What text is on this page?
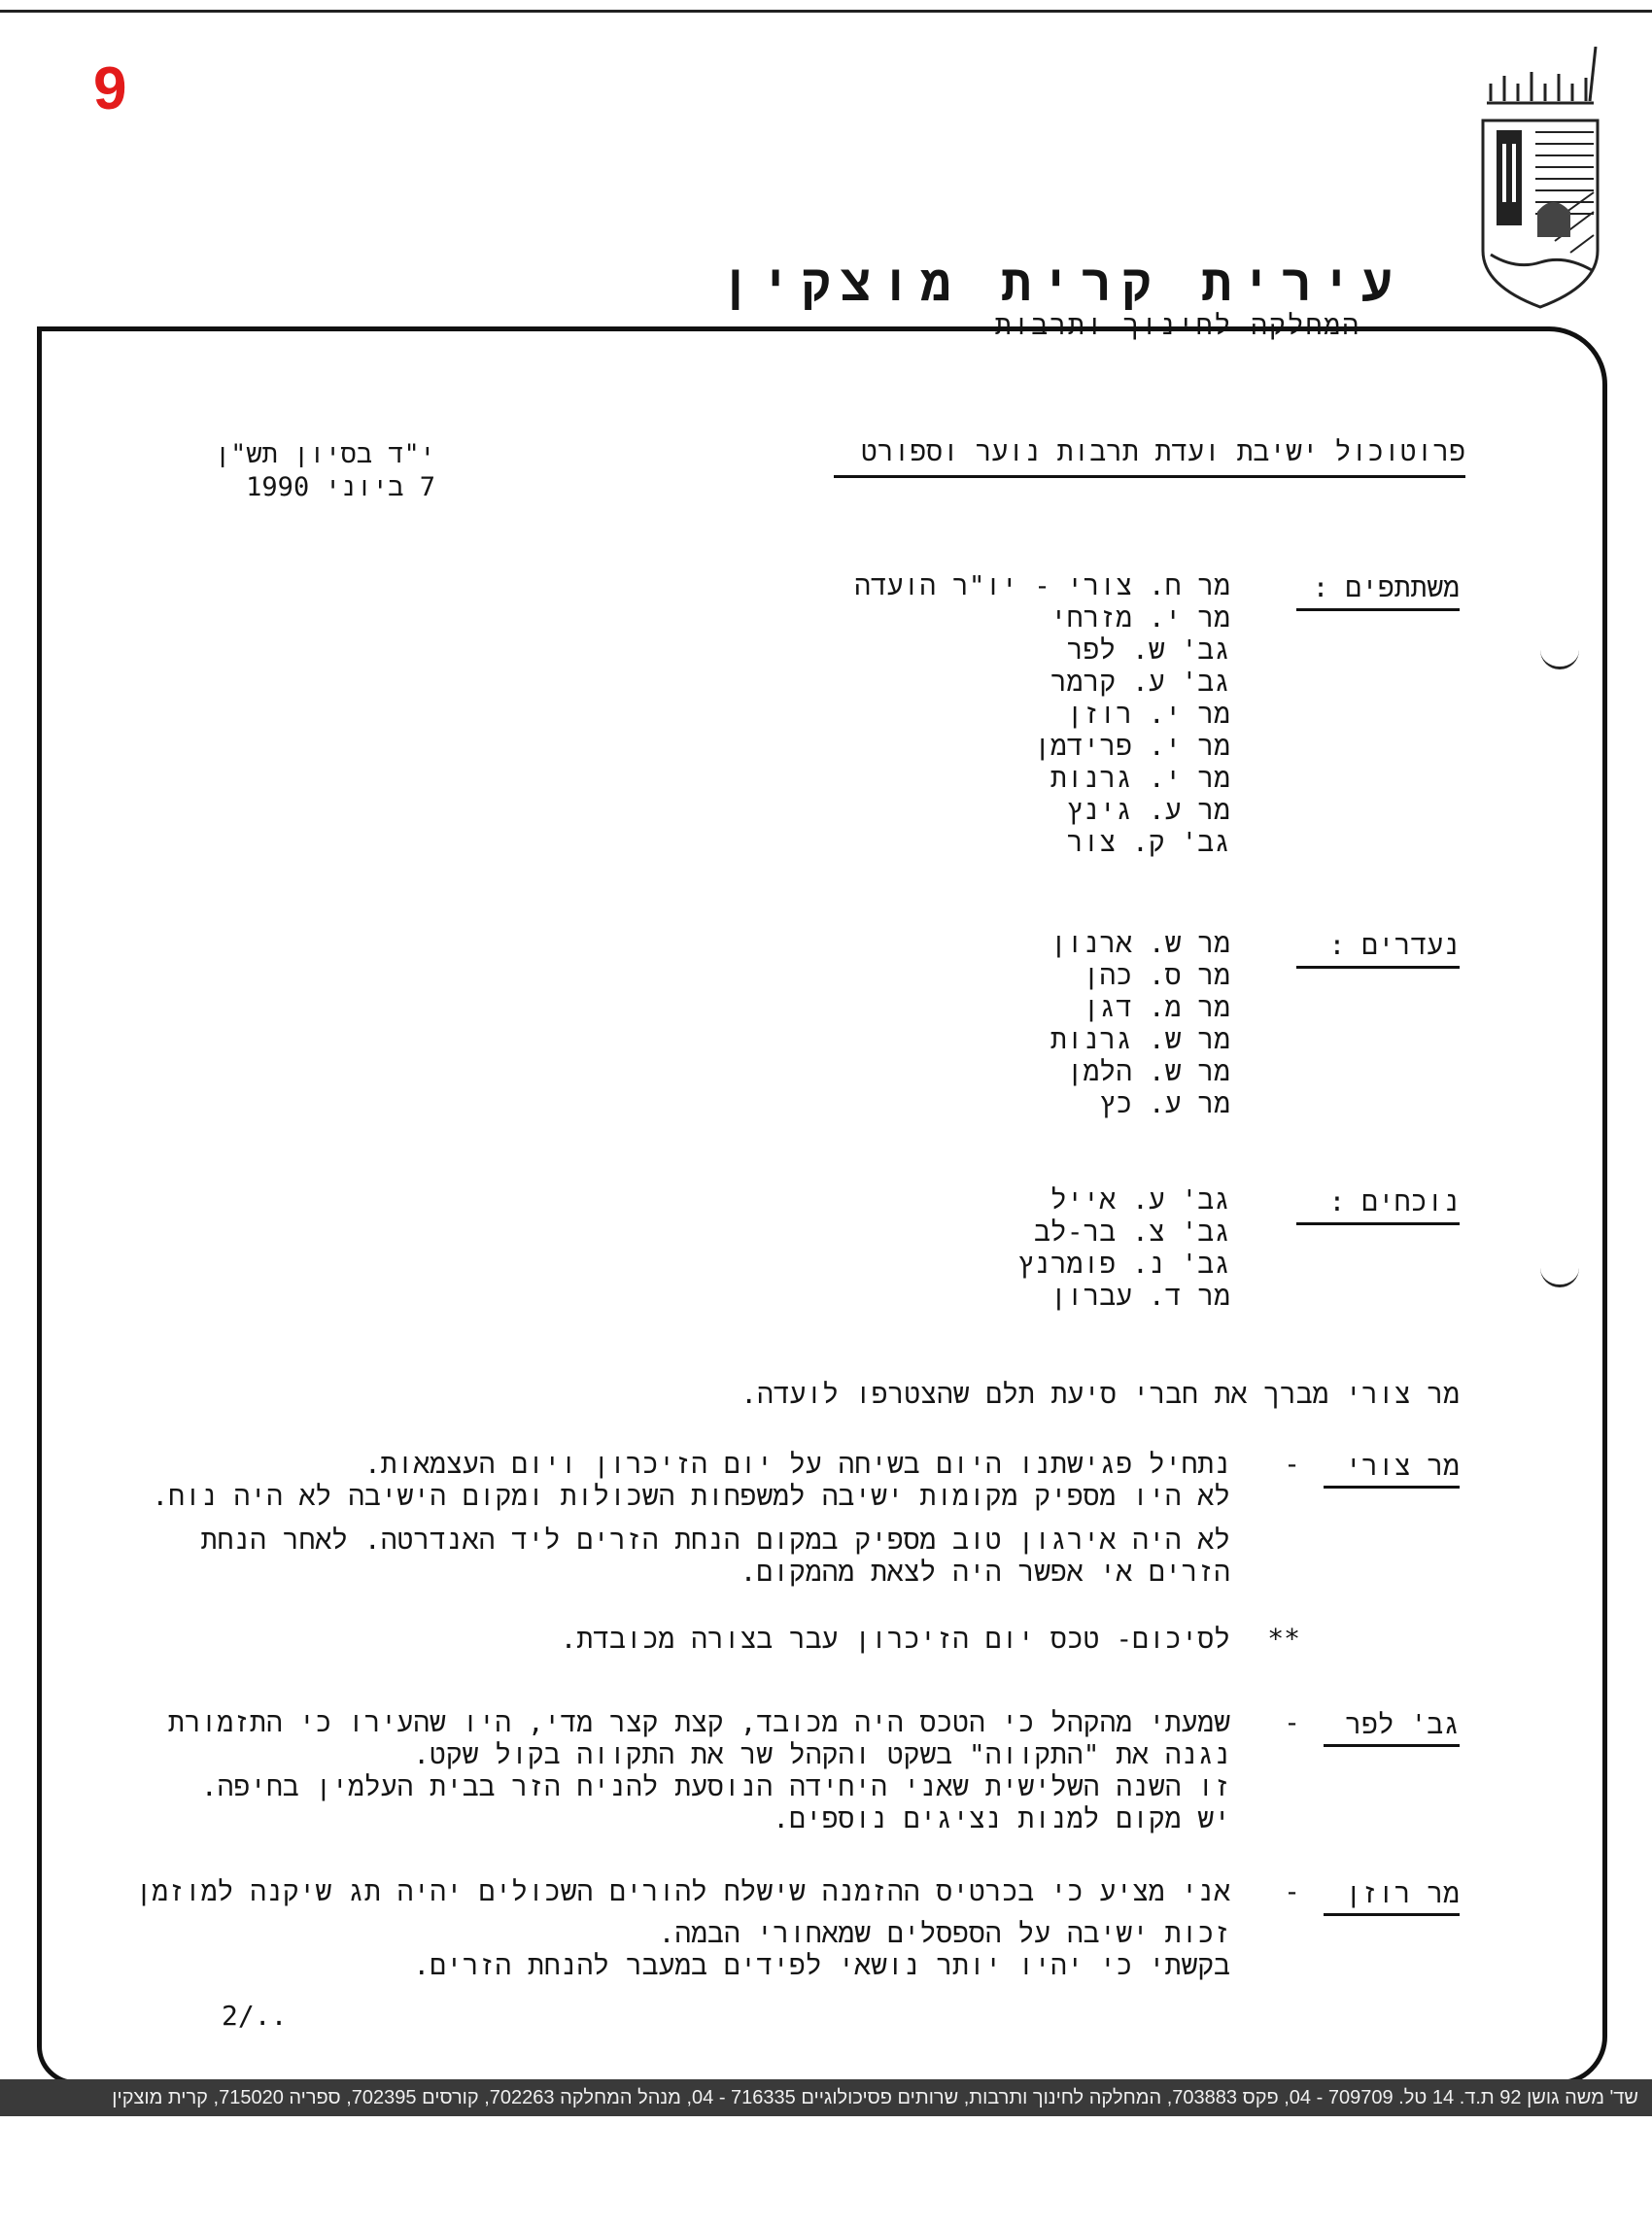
9
עירית קרית מוצקין
המחלקה לחינוך ותרבות
פרוטוכול ישיבת ועדת תרבות נוער וספורט
י"ד בסיון תש"ן
7 ביוני 1990
משתתפים :
מר ח. צורי - יו"ר הועדה
מר י. מזרחי
גב' ש. לפר
גב' ע. קרמר
מר י. רוזן
מר י. פרידמן
מר י. גרנות
מר ע. גינץ
גב' ק. צור
נעדרים :
מר ש. ארנון
מר ס. כהן
מר מ. דגן
מר ש. גרנות
מר ש. הלמן
מר ע. כץ
נוכחים :
גב' ע. אייל
גב' צ. בר-לב
גב' נ. פומרנץ
מר ד. עברון
מר צורי מברך את חברי סיעת תלם שהצטרפו לועדה.
מר צורי
-
נתחיל פגישתנו היום בשיחה על יום הזיכרון ויום העצמאות.
לא היו מספיק מקומות ישיבה למשפחות השכולות ומקום הישיבה לא היה נוח.
לא היה אירגון טוב מספיק במקום הנחת הזרים ליד האנדרטה. לאחר הנחת
הזרים אי אפשר היה לצאת מהמקום.
**
לסיכום- טכס יום הזיכרון עבר בצורה מכובדת.
גב' לפר
-
שמעתי מהקהל כי הטכס היה מכובד, קצת קצר מדי, היו שהעירו כי התזמורת
נגנה את "התקווה" בשקט והקהל שר את התקווה בקול שקט.
זו השנה השלישית שאני היחידה הנוסעת להניח הזר בבית העלמין בחיפה.
יש מקום למנות נציגים נוספים.
מר רוזן
-
אני מציע כי בכרטיס ההזמנה שישלח להורים השכולים יהיה תג שיקנה למוזמן
זכות ישיבה על הספסלים שמאחורי הבמה.
בקשתי כי יהיו יותר נושאי לפידים במעבר להנחת הזרים.
2/..
שד' משה גושן 92 ת.ד. 14 טל. 709709 - 04, פקס 703883, המחלקה לחינוך ותרבות, שרותים פסיכולוגיים 716335 - 04, מנהל המחלקה 702263, קורסים 702395, ספריה 715020, קרית מוצקין
